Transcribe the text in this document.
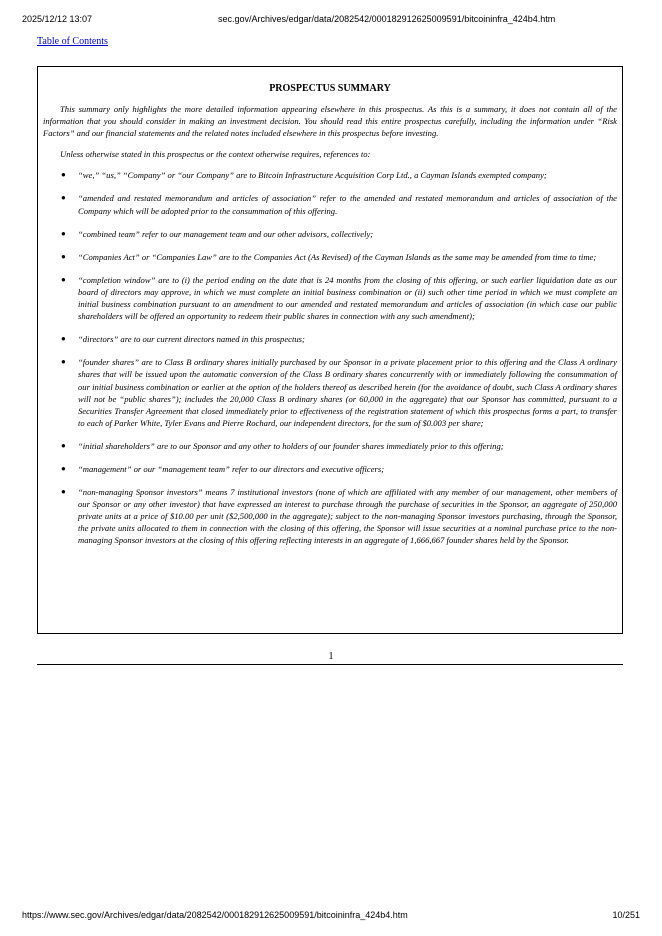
2025/12/12 13:07	sec.gov/Archives/edgar/data/2082542/000182912625009591/bitcoininfra_424b4.htm
Table of Contents
PROSPECTUS SUMMARY

This summary only highlights the more detailed information appearing elsewhere in this prospectus. As this is a summary, it does not contain all of the information that you should consider in making an investment decision. You should read this entire prospectus carefully, including the information under “Risk Factors” and our financial statements and the related notes included elsewhere in this prospectus before investing.

Unless otherwise stated in this prospectus or the context otherwise requires, references to:

● “we,” “us,” “Company” or “our Company” are to Bitcoin Infrastructure Acquisition Corp Ltd., a Cayman Islands exempted company;
● “amended and restated memorandum and articles of association” refer to the amended and restated memorandum and articles of association of the Company which will be adopted prior to the consummation of this offering.
● “combined team” refer to our management team and our other advisors, collectively;
● “Companies Act” or “Companies Law” are to the Companies Act (As Revised) of the Cayman Islands as the same may be amended from time to time;
● “completion window” are to (i) the period ending on the date that is 24 months from the closing of this offering, or such earlier liquidation date as our board of directors may approve, in which we must complete an initial business combination or (ii) such other time period in which we must complete an initial business combination pursuant to an amendment to our amended and restated memorandum and articles of association (in which case our public shareholders will be offered an opportunity to redeem their public shares in connection with any such amendment);
● “directors” are to our current directors named in this prospectus;
● “founder shares” are to Class B ordinary shares initially purchased by our Sponsor in a private placement prior to this offering and the Class A ordinary shares that will be issued upon the automatic conversion of the Class B ordinary shares concurrently with or immediately following the consummation of our initial business combination or earlier at the option of the holders thereof as described herein (for the avoidance of doubt, such Class A ordinary shares will not be “public shares”); includes the 20,000 Class B ordinary shares (or 60,000 in the aggregate) that our Sponsor has committed, pursuant to a Securities Transfer Agreement that closed immediately prior to effectiveness of the registration statement of which this prospectus forms a part, to transfer to each of Parker White, Tyler Evans and Pierre Rochard, our independent directors, for the sum of $0.003 per share;
● “initial shareholders” are to our Sponsor and any other to holders of our founder shares immediately prior to this offering;
● “management” or our “management team” refer to our directors and executive officers;
● “non-managing Sponsor investors” means 7 institutional investors (none of which are affiliated with any member of our management, other members of our Sponsor or any other investor) that have expressed an interest to purchase through the purchase of securities in the Sponsor, an aggregate of 250,000 private units at a price of $10.00 per unit ($2,500,000 in the aggregate); subject to the non-managing Sponsor investors purchasing, through the Sponsor, the private units allocated to them in connection with the closing of this offering, the Sponsor will issue securities at a nominal purchase price to the non-managing Sponsor investors at the closing of this offering reflecting interests in an aggregate of 1,666,667 founder shares held by the Sponsor.
1
https://www.sec.gov/Archives/edgar/data/2082542/000182912625009591/bitcoininfra_424b4.htm	10/251
